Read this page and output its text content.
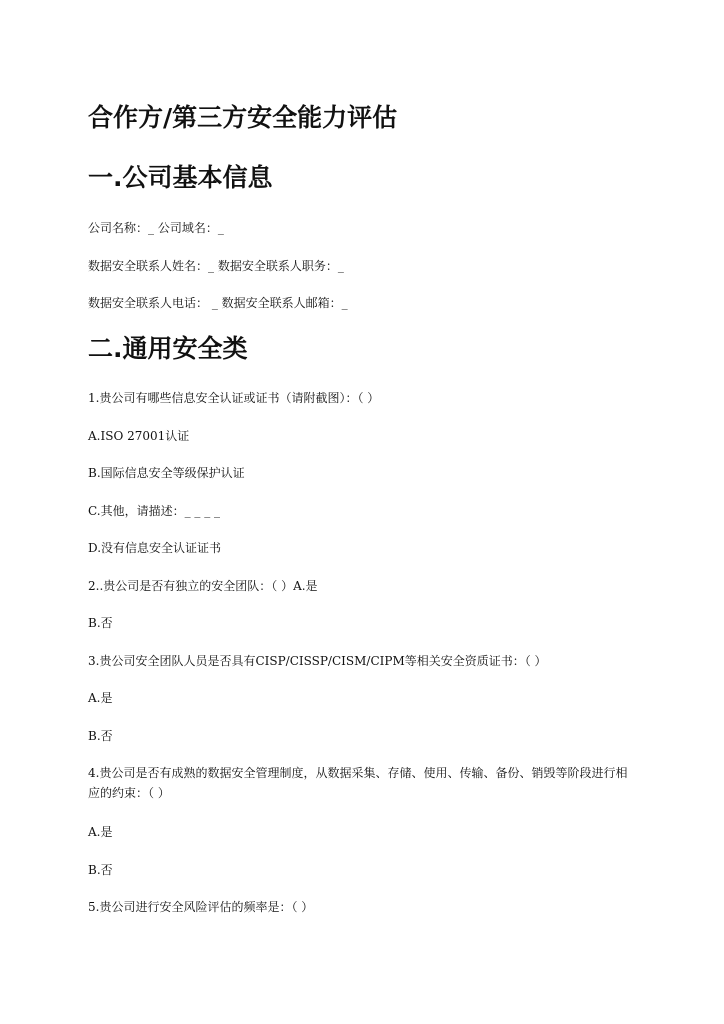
合作方/第三方安全能力评估
一.公司基本信息

公司名称：_ 公司域名：_

数据安全联系人姓名：_ 数据安全联系人职务：_

数据安全联系人电话： _ 数据安全联系人邮箱：_

二.通用安全类

1.贵公司有哪些信息安全认证或证书（请附截图）：（ ）

A.ISO 27001认证

B.国际信息安全等级保护认证

C.其他，请描述：_ _ _ _

D.没有信息安全认证证书

2..贵公司是否有独立的安全团队：（ ）A.是

B.否

3.贵公司安全团队人员是否具有CISP/CISSP/CISM/CIPM等相关安全资质证书：（ ）

A.是

B.否

4.贵公司是否有成熟的数据安全管理制度，从数据采集、存储、使用、传输、备份、销毁等阶段进行相应的约束：（ ）

A.是

B.否

5.贵公司进行安全风险评估的频率是：（ ）
